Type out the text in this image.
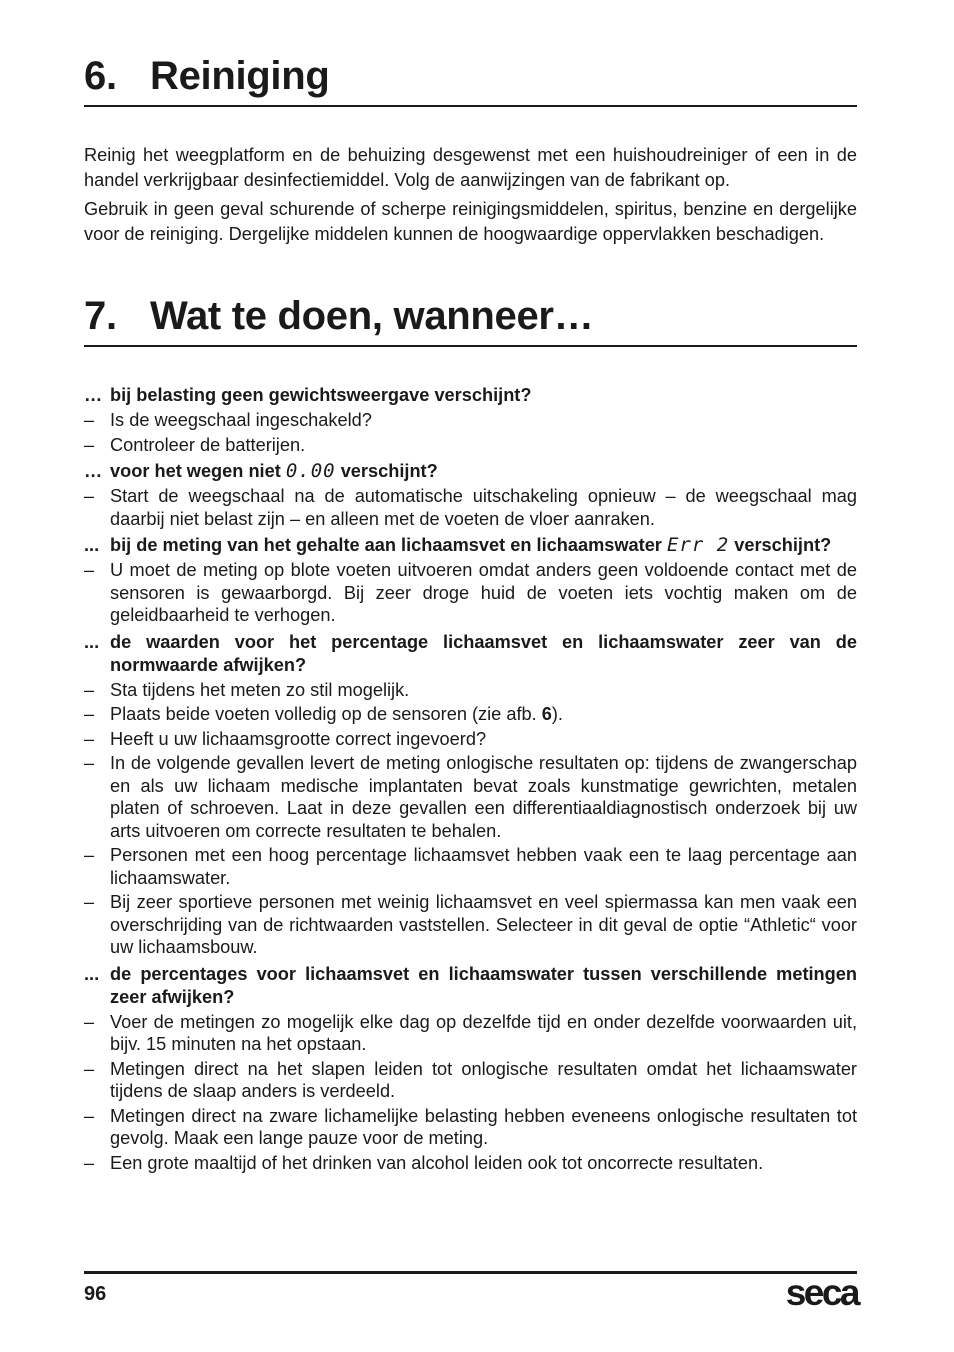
6. Reiniging

Reinig het weegplatform en de behuizing desgewenst met een huishoudreiniger of een in de handel verkrijgbaar desinfectiemiddel. Volg de aanwijzingen van de fabrikant op.

Gebruik in geen geval schurende of scherpe reinigingsmiddelen, spiritus, benzine en dergelijke voor de reiniging. Dergelijke middelen kunnen de hoogwaardige oppervlakken beschadigen.

7. Wat te doen, wanneer…
… bij belasting geen gewichtsweergave verschijnt?
– Is de weegschaal ingeschakeld?
– Controleer de batterijen.
… voor het wegen niet 0.00 verschijnt?
– Start de weegschaal na de automatische uitschakeling opnieuw – de weegschaal mag daarbij niet belast zijn – en alleen met de voeten de vloer aanraken.
... bij de meting van het gehalte aan lichaamsvet en lichaamswater Err 2 verschijnt?
– U moet de meting op blote voeten uitvoeren omdat anders geen voldoende contact met de sensoren is gewaarborgd. Bij zeer droge huid de voeten iets vochtig maken om de geleidbaarheid te verhogen.
... de waarden voor het percentage lichaamsvet en lichaamswater zeer van de normwaarde afwijken?
– Sta tijdens het meten zo stil mogelijk.
– Plaats beide voeten volledig op de sensoren (zie afb. 6).
– Heeft u uw lichaamsgrootte correct ingevoerd?
– In de volgende gevallen levert de meting onlogische resultaten op: tijdens de zwangerschap en als uw lichaam medische implantaten bevat zoals kunstmatige gewrichten, metalen platen of schroeven. Laat in deze gevallen een differentiaaldiagnostisch onderzoek bij uw arts uitvoeren om correcte resultaten te behalen.
– Personen met een hoog percentage lichaamsvet hebben vaak een te laag percentage aan lichaamswater.
– Bij zeer sportieve personen met weinig lichaamsvet en veel spiermassa kan men vaak een overschrijding van de richtwaarden vaststellen. Selecteer in dit geval de optie “Athletic“ voor uw lichaamsbouw.
... de percentages voor lichaamsvet en lichaamswater tussen verschillende metingen zeer afwijken?
– Voer de metingen zo mogelijk elke dag op dezelfde tijd en onder dezelfde voorwaarden uit, bijv. 15 minuten na het opstaan.
– Metingen direct na het slapen leiden tot onlogische resultaten omdat het lichaamswater tijdens de slaap anders is verdeeld.
– Metingen direct na zware lichamelijke belasting hebben eveneens onlogische resultaten tot gevolg. Maak een lange pauze voor de meting.
– Een grote maaltijd of het drinken van alcohol leiden ook tot oncorrecte resultaten.
96	seca
